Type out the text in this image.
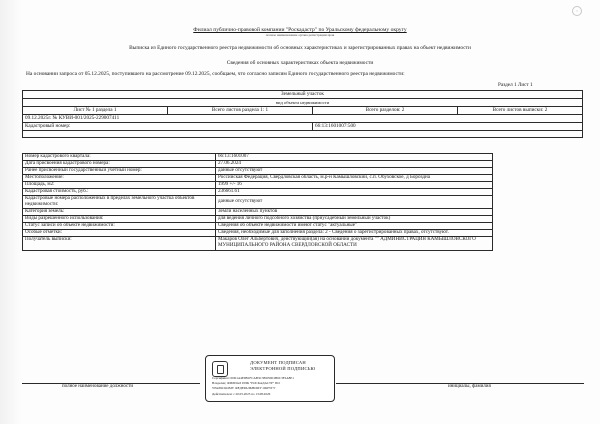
○
Филиал публично-правовой компании "Роскадастр" по Уральскому федеральному округу
полное наименование органа регистрации прав
Выписка из Единого государственного реестра недвижимости об основных характеристиках и зарегистрированных правах на объект недвижимости
Сведения об основных характеристиках объекта недвижимости
На основании запроса от 05.12.2025, поступившего на рассмотрение 09.12.2025, сообщаем, что согласно записям Единого государственного реестра недвижимости:
Раздел 1 Лист 1
Земельный участок			
вид объекта недвижимости			
Лист № 1 раздела 1	Всего листов раздела 1: 1	Всего разделов: 2	Всего листов выписки: 2
09.12.2025г. № КУВИ-001/2025-229007411			
Кадастровый номер:		66:13:1601007:500	

Номер кадастрового квартала:	66:13:1601007
Дата присвоения кадастрового номера:	27.06.2024
Ранее присвоенный государственный учетный номер:	данные отсутствуют
Местоположение:	Российская Федерация, Свердловская область, м.р-н Камышловский, с.п. Обуховское, д Бороздна
Площадь, м2:	1999 +/- 16
Кадастровая стоимость, руб.:	236661.61
Кадастровые номера расположенных в пределах земельного участка объектов недвижимости:	данные отсутствуют
Категория земель:	Земли населенных пунктов
Виды разрешенного использования:	для ведения личного подсобного хозяйства (приусадебный земельный участок)
Статус записи об объекте недвижимости:	Сведения об объекте недвижимости имеют статус "актуальные"
Особые отметки:	Сведения, необходимые для заполнения раздела: 2 - Сведения о зарегистрированных правах, отсутствуют.
Получатель выписки:	Макаров Олег Альбертович, действующий(ая) на основании документа "" АДМИНИСТРАЦИЯ КАМЫШЛОВСКОГО МУНИЦИПАЛЬНОГО РАЙОНА СВЕРДЛОВСКОЙ ОБЛАСТИ
ДОКУМЕНТ ПОДПИСАН
ЭЛЕКТРОННОЙ ПОДПИСЬЮ
Сертификат: 00D1A4E9B1FCAB3C3B1E6D1B6C3F2A8E1
Владелец: ФИЛИАЛ ППК "РОСКАДАСТР" ПО
УРАЛЬСКОМУ ФЕДЕРАЛЬНОМУ ОКРУГУ
Действителен: с 20.05.2025 по 13.08.2026
полное наименование должности	инициалы, фамилия
